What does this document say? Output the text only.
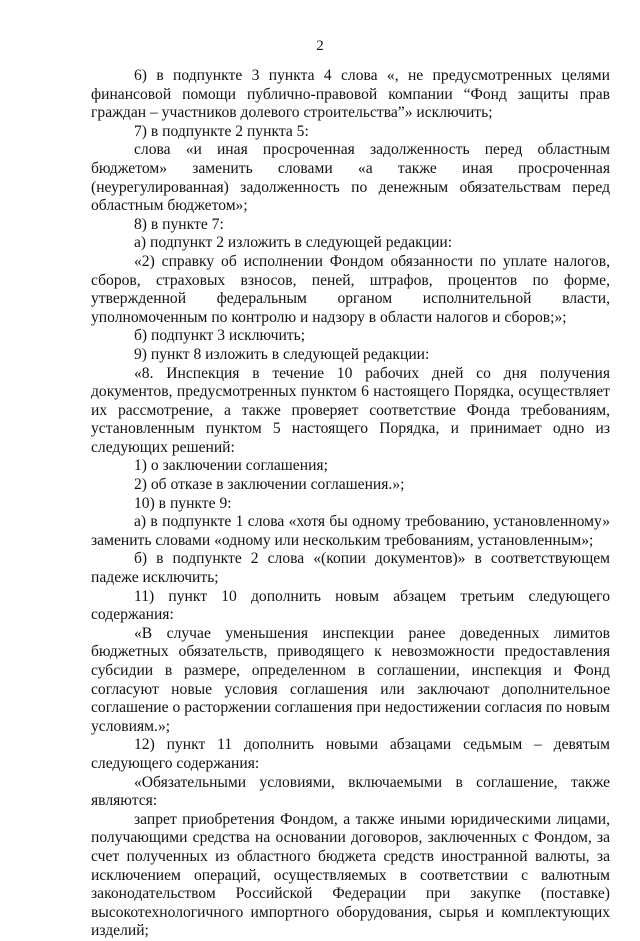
2

6) в подпункте 3 пункта 4 слова «, не предусмотренных целями финансовой помощи публично-правовой компании “Фонд защиты прав граждан – участников долевого строительства”» исключить;

7) в подпункте 2 пункта 5:

слова «и иная просроченная задолженность перед областным бюджетом» заменить словами «а также иная просроченная (неурегулированная) задолженность по денежным обязательствам перед областным бюджетом»;

8) в пункте 7:

а) подпункт 2 изложить в следующей редакции:

«2) справку об исполнении Фондом обязанности по уплате налогов, сборов, страховых взносов, пеней, штрафов, процентов по форме, утвержденной федеральным органом исполнительной власти, уполномоченным по контролю и надзору в области налогов и сборов;»;

б) подпункт 3 исключить;

9) пункт 8 изложить в следующей редакции:

«8. Инспекция в течение 10 рабочих дней со дня получения документов, предусмотренных пунктом 6 настоящего Порядка, осуществляет их рассмотрение, а также проверяет соответствие Фонда требованиям, установленным пунктом 5 настоящего Порядка, и принимает одно из следующих решений:

1) о заключении соглашения;

2) об отказе в заключении соглашения.»;

10) в пункте 9:

а) в подпункте 1 слова «хотя бы одному требованию, установленному» заменить словами «одному или нескольким требованиям, установленным»;

б) в подпункте 2 слова «(копии документов)» в соответствующем падеже исключить;

11) пункт 10 дополнить новым абзацем третьим следующего содержания:

«В случае уменьшения инспекции ранее доведенных лимитов бюджетных обязательств, приводящего к невозможности предоставления субсидии в размере, определенном в соглашении, инспекция и Фонд согласуют новые условия соглашения или заключают дополнительное соглашение о расторжении соглашения при недостижении согласия по новым условиям.»;

12) пункт 11 дополнить новыми абзацами седьмым – девятым следующего содержания:

«Обязательными условиями, включаемыми в соглашение, также являются:

запрет приобретения Фондом, а также иными юридическими лицами, получающими средства на основании договоров, заключенных с Фондом, за счет полученных из областного бюджета средств иностранной валюты, за исключением операций, осуществляемых в соответствии с валютным законодательством Российской Федерации при закупке (поставке) высокотехнологичного импортного оборудования, сырья и комплектующих изделий;
